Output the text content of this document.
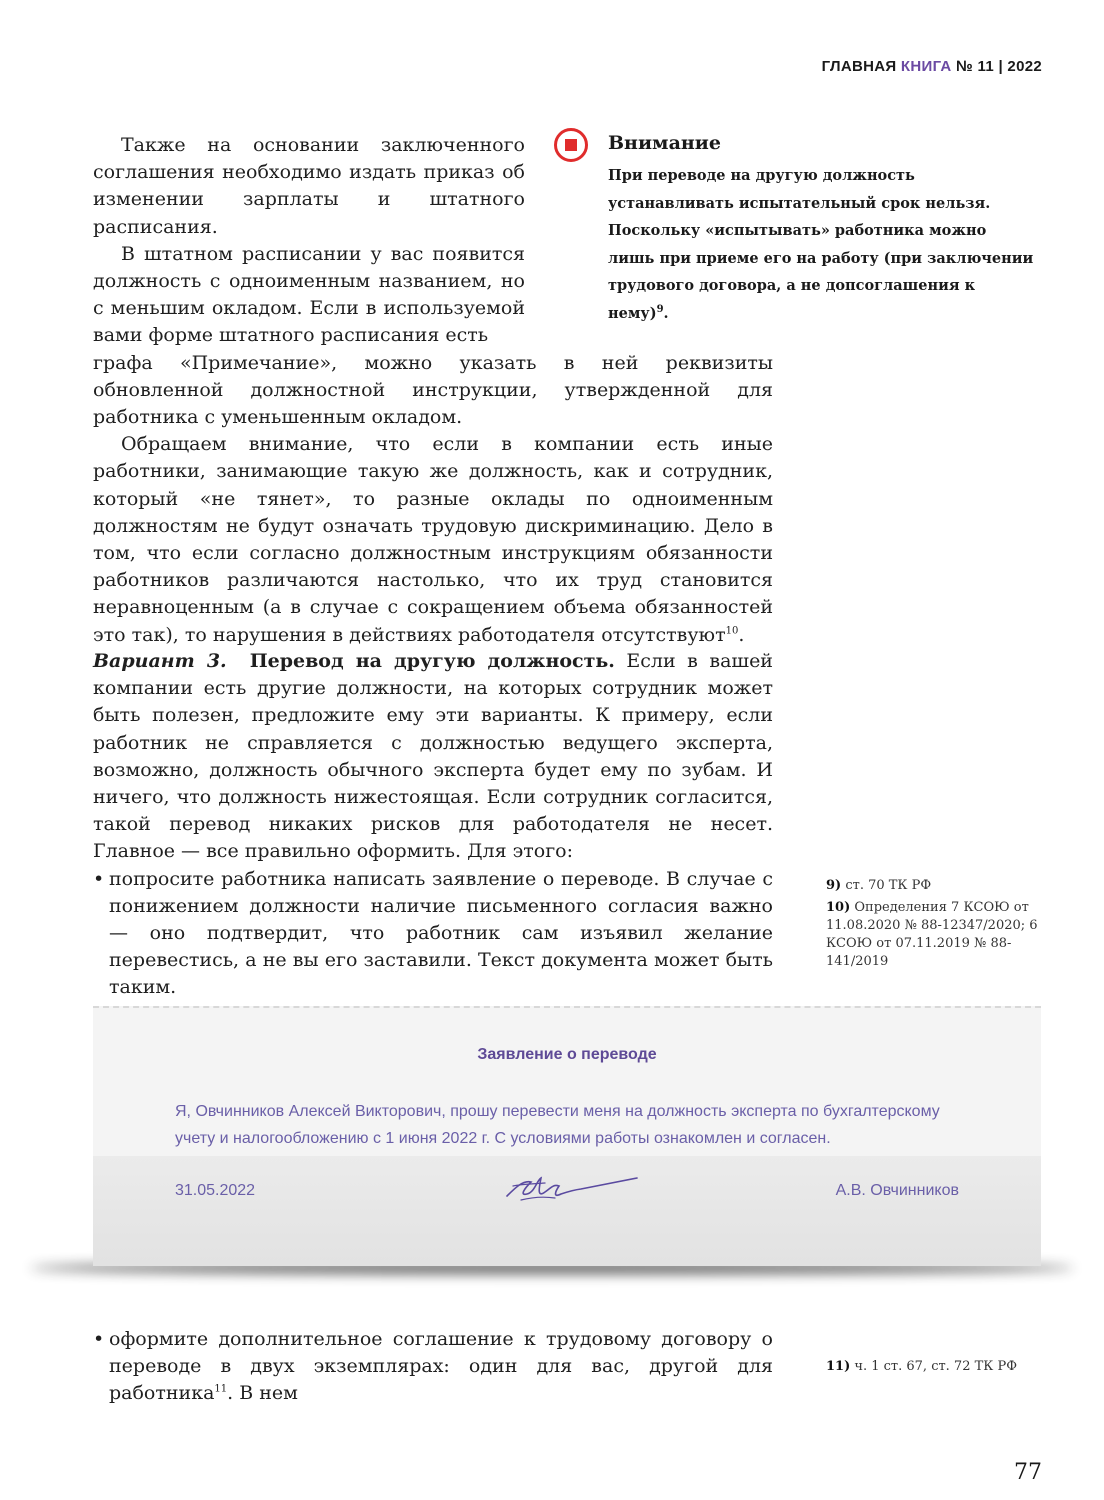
ГЛАВНАЯ КНИГА № 11 | 2022

Также на основании заключенного соглашения необходимо издать приказ об изменении зарплаты и штатного расписания.

В штатном расписании у вас появится должность с одноименным названием, но с меньшим окладом. Если в используемой вами форме штатного расписания есть

графа «Примечание», можно указать в ней реквизиты обновленной должностной инструкции, утвержденной для работника с уменьшенным окладом.

Обращаем внимание, что если в компании есть иные работники, занимающие такую же должность, как и сотрудник, который «не тянет», то разные оклады по одноименным должностям не будут означать трудовую дискриминацию. Дело в том, что если согласно должностным инструкциям обязанности работников различаются настолько, что их труд становится неравноценным (а в случае с сокращением объема обязанностей это так), то нарушения в действиях работодателя отсутствуют$^{10}$.

Внимание
При переводе на другую должность устанавливать испытательный срок нельзя. Поскольку «испытывать» работника можно лишь при приеме его на работу (при заключении трудового договора, а не допсоглашения к нему)$^9$.

Вариант 3. Перевод на другую должность. Если в вашей компании есть другие должности, на которых сотрудник может быть полезен, предложите ему эти варианты. К примеру, если работник не справляется с должностью ведущего эксперта, возможно, должность обычного эксперта будет ему по зубам. И ничего, что должность нижестоящая. Если сотрудник согласится, такой перевод никаких рисков для работодателя не несет. Главное — все правильно оформить. Для этого:

• попросите работника написать заявление о переводе. В случае с понижением должности наличие письменного согласия важно — оно подтвердит, что работник сам изъявил желание перевестись, а не вы его заставили. Текст документа может быть таким.
9) ст. 70 ТК РФ
10) Определения 7 КСОЮ от 11.08.2020 № 88-12347/2020; 6 КСОЮ от 07.11.2019 № 88-141/2019
Заявление о переводе
Я, Овчинников Алексей Викторович, прошу перевести меня на должность эксперта по бухгалтерскому учету и налогообложению с 1 июня 2022 г. С условиями работы ознакомлен и согласен.
31.05.2022	А.В. Овчинников
• оформите дополнительное соглашение к трудовому договору о переводе в двух экземплярах: один для вас, другой для работника$^{11}$. В нем
11) ч. 1 ст. 67, ст. 72 ТК РФ
77
